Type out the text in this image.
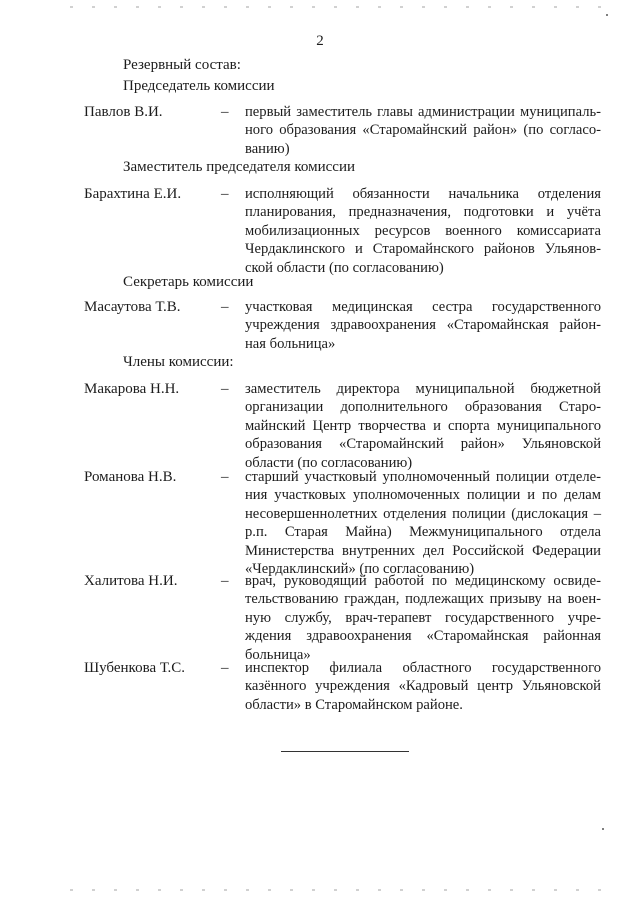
2
Резервный состав:
Председатель комиссии
Павлов В.И.	– первый заместитель главы администрации муниципаль-
ного образования «Старомайнский район» (по согласо-
ванию)
Заместитель председателя комиссии
Барахтина Е.И.	– исполняющий обязанности начальника отделения
планирования, предназначения, подготовки и учёта
мобилизационных ресурсов военного комиссариата
Чердаклинского и Старомайнского районов Ульянов-
ской области (по согласованию)
Секретарь комиссии
Масаутова Т.В.	– участковая медицинская сестра государственного
учреждения здравоохранения «Старомайнская район-
ная больница»
Члены комиссии:
Макарова Н.Н.	– заместитель директора муниципальной бюджетной
организации дополнительного образования Старо-
майнский Центр творчества и спорта муниципального
образования «Старомайнский район» Ульяновской
области (по согласованию)
Романова Н.В.	– старший участковый уполномоченный полиции отделе-
ния участковых уполномоченных полиции и по делам
несовершеннолетних отделения полиции (дислокация –
р.п. Старая Майна) Межмуниципального отдела
Министерства внутренних дел Российской Федерации
«Чердаклинский» (по согласованию)
Халитова Н.И.	– врач, руководящий работой по медицинскому освиде-
тельствованию граждан, подлежащих призыву на воен-
ную службу, врач-терапевт государственного учре-
ждения здравоохранения «Старомайнская районная
больница»
Шубенкова Т.С. – инспектор филиала областного государственного
казённого учреждения «Кадровый центр Ульяновской
области» в Старомайнском районе.
